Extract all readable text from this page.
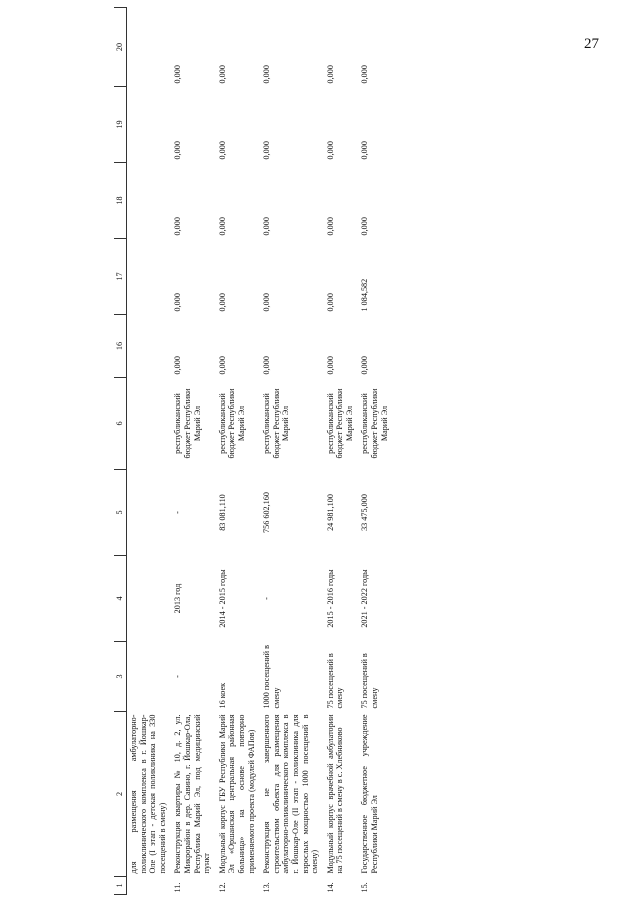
27
1	2	3	4	5	6	16	17	18	19	20
	для размещения амбулаторно-поликлинического комплекса в г. Йошкар-Оле (I этап - детская поликлиника на 330 посещений в смену)									
11.	Реконструкция квартиры № 10, д. 2, ул. Микрорайон в дер. Савино, г. Йошкар-Ола, Республика Марий Эл, под медицинский пункт	-	2013 год	-	республиканский бюджет Республики Марий Эл	0,000	0,000	0,000	0,000	0,000
12.	Модульный корпус ГБУ Республики Марий Эл «Оршанская центральная районная больница» на основе повторно применяемого проекта (модулей ФАПов)	16 коек	2014 - 2015 годы	83 081,110	республиканский бюджет Республики Марий Эл	0,000	0,000	0,000	0,000	0,000
13.	Реконструкция не завершенного строительством объекта для размещения амбулаторно-поликлинического комплекса в г. Йошкар-Оле (II этап - поликлиника для взрослых мощностью 1000 посещений в смену)	1000 посещений в смену	-	756 602,160	республиканский бюджет Республики Марий Эл	0,000	0,000	0,000	0,000	0,000
14.	Модульный корпус врачебной амбулатории на 75 посещений в смену в с. Хлебниково	75 посещений в смену	2015 - 2016 годы	24 981,100	республиканский бюджет Республики Марий Эл	0,000	0,000	0,000	0,000	0,000
15.	Государственное бюджетное учреждение Республики Марий Эл	75 посещений в смену	2021 - 2022 годы	33 475,000	республиканский бюджет Республики Марий Эл	0,000	1 084,582	0,000	0,000	0,000
